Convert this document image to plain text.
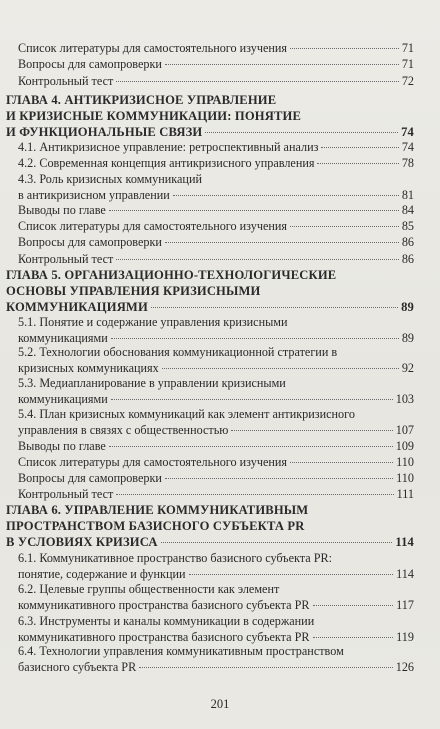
Список литературы для самостоятельного изучения	71
Вопросы для самопроверки	71
Контрольный тест	72
ГЛАВА 4. АНТИКРИЗИСНОЕ УПРАВЛЕНИЕ
И КРИЗИСНЫЕ КОММУНИКАЦИИ: ПОНЯТИЕ
И ФУНКЦИОНАЛЬНЫЕ СВЯЗИ	74
4.1. Антикризисное управление: ретроспективный анализ	74
4.2. Современная концепция антикризисного управления	78
4.3. Роль кризисных коммуникаций
в антикризисном управлении	81
Выводы по главе	84
Список литературы для самостоятельного изучения	85
Вопросы для самопроверки	86
Контрольный тест	86
ГЛАВА 5. ОРГАНИЗАЦИОННО-ТЕХНОЛОГИЧЕСКИЕ
ОСНОВЫ УПРАВЛЕНИЯ КРИЗИСНЫМИ
КОММУНИКАЦИЯМИ	89
5.1. Понятие и содержание управления кризисными
коммуникациями	89
5.2. Технологии обоснования коммуникационной стратегии в
кризисных коммуникациях	92
5.3. Медиапланирование в управлении кризисными
коммуникациями	103
5.4. План кризисных коммуникаций как элемент антикризисного
управления в связях с общественностью	107
Выводы по главе	109
Список литературы для самостоятельного изучения	110
Вопросы для самопроверки	110
Контрольный тест	111
ГЛАВА 6. УПРАВЛЕНИЕ КОММУНИКАТИВНЫМ
ПРОСТРАНСТВОМ БАЗИСНОГО СУБЪЕКТА PR
В УСЛОВИЯХ КРИЗИСА	114
6.1. Коммуникативное пространство базисного субъекта PR:
понятие, содержание и функции	114
6.2. Целевые группы общественности как элемент
коммуникативного пространства базисного субъекта PR	117
6.3. Инструменты и каналы коммуникации в содержании
коммуникативного пространства базисного субъекта PR	119
6.4. Технологии управления коммуникативным пространством
базисного субъекта PR	126
201
